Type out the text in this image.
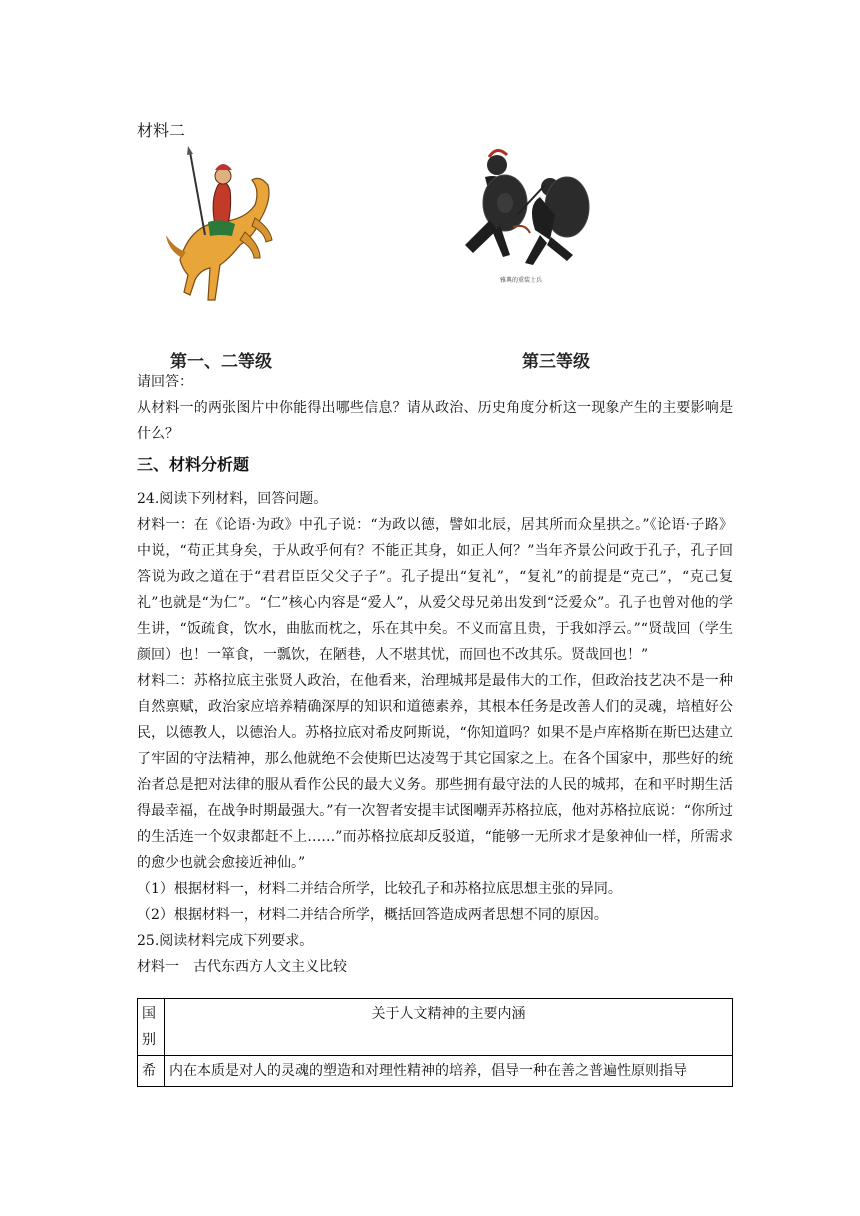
材料二
雅典的重装士兵
第一、二等级	第三等级

请回答：

从材料一的两张图片中你能得出哪些信息？请从政治、历史角度分析这一现象产生的主要影响是什么？

三、材料分析题

24.阅读下列材料，回答问题。

材料一：在《论语·为政》中孔子说：“为政以德，譬如北辰，居其所而众星拱之。”《论语·子路》中说，“苟正其身矣，于从政乎何有？不能正其身，如正人何？”当年齐景公问政于孔子，孔子回答说为政之道在于“君君臣臣父父子子”。孔子提出“复礼”，“复礼”的前提是“克己”，“克己复礼”也就是“为仁”。“仁”核心内容是“爱人”，从爱父母兄弟出发到“泛爱众”。孔子也曾对他的学生讲，“饭疏食，饮水，曲肱而枕之，乐在其中矣。不义而富且贵，于我如浮云。”“贤哉回（学生颜回）也！一箪食，一瓢饮，在陋巷，人不堪其忧，而回也不改其乐。贤哉回也！”

材料二：苏格拉底主张贤人政治，在他看来，治理城邦是最伟大的工作，但政治技艺决不是一种自然禀赋，政治家应培养精确深厚的知识和道德素养，其根本任务是改善人们的灵魂，培植好公民，以德教人，以德治人。苏格拉底对希皮阿斯说，“你知道吗？如果不是卢库格斯在斯巴达建立了牢固的守法精神，那么他就绝不会使斯巴达凌驾于其它国家之上。在各个国家中，那些好的统治者总是把对法律的服从看作公民的最大义务。那些拥有最守法的人民的城邦，在和平时期生活得最幸福，在战争时期最强大。”有一次智者安提丰试图嘲弄苏格拉底，他对苏格拉底说：“你所过的生活连一个奴隶都赶不上……”而苏格拉底却反驳道，“能够一无所求才是象神仙一样，所需求的愈少也就会愈接近神仙。”

（1）根据材料一，材料二并结合所学，比较孔子和苏格拉底思想主张的异同。

（2）根据材料一，材料二并结合所学，概括回答造成两者思想不同的原因。

25.阅读材料完成下列要求。

材料一　古代东西方人文主义比较

国别	关于人文精神的主要内涵
希	内在本质是对人的灵魂的塑造和对理性精神的培养，倡导一种在善之普遍性原则指导
